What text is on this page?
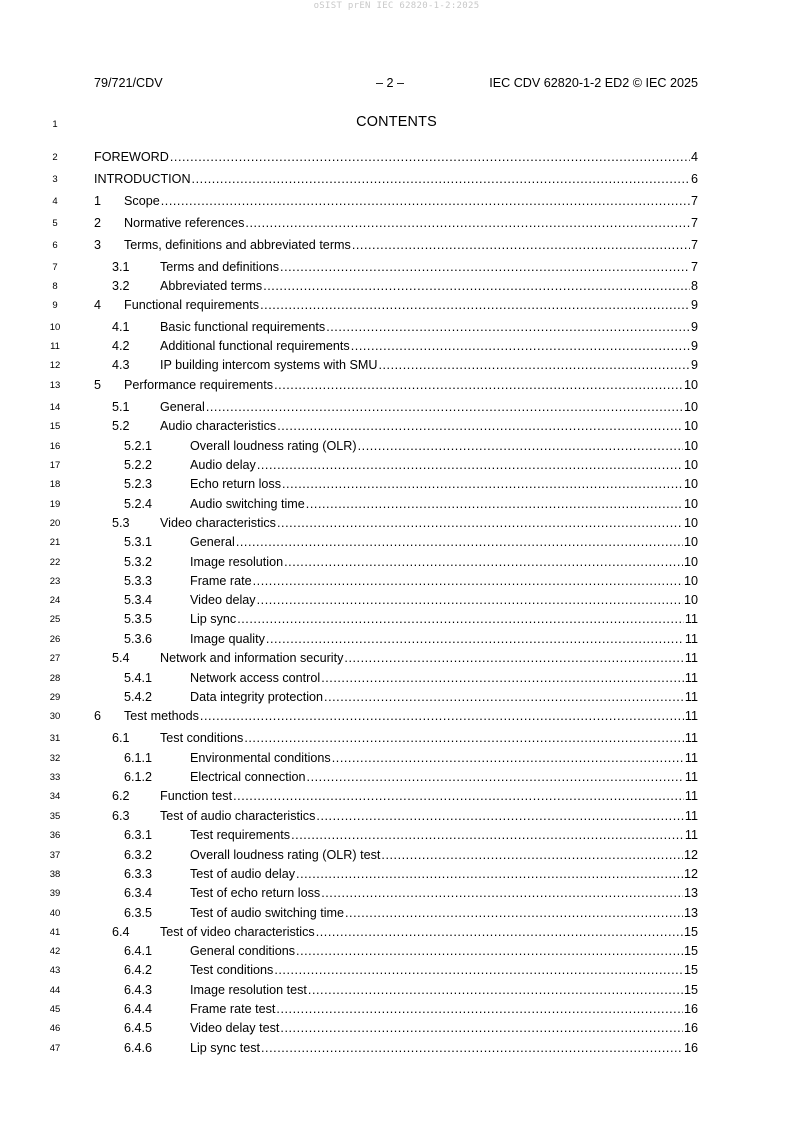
oSIST prEN IEC 62820-1-2:2025
79/721/CDV	– 2 –	IEC CDV 62820-1-2 ED2 © IEC 2025
1	CONTENTS
2	FOREWORD .....	4
3	INTRODUCTION .....	6
4	1	Scope .....	7
5	2	Normative references .....	7
6	3	Terms, definitions and abbreviated terms .....	7
7	3.1	Terms and definitions .....	7
8	3.2	Abbreviated terms .....	8
9	4	Functional requirements .....	9
10	4.1	Basic functional requirements .....	9
11	4.2	Additional functional requirements .....	9
12	4.3	IP building intercom systems with SMU .....	9
13	5	Performance requirements .....	10
14	5.1	General .....	10
15	5.2	Audio characteristics .....	10
16	5.2.1	Overall loudness rating (OLR) .....	10
17	5.2.2	Audio delay .....	10
18	5.2.3	Echo return loss .....	10
19	5.2.4	Audio switching time .....	10
20	5.3	Video characteristics .....	10
21	5.3.1	General .....	10
22	5.3.2	Image resolution .....	10
23	5.3.3	Frame rate .....	10
24	5.3.4	Video delay .....	10
25	5.3.5	Lip sync .....	11
26	5.3.6	Image quality .....	11
27	5.4	Network and information security .....	11
28	5.4.1	Network access control .....	11
29	5.4.2	Data integrity protection .....	11
30	6	Test methods .....	11
31	6.1	Test conditions .....	11
32	6.1.1	Environmental conditions .....	11
33	6.1.2	Electrical connection .....	11
34	6.2	Function test .....	11
35	6.3	Test of audio characteristics .....	11
36	6.3.1	Test requirements .....	11
37	6.3.2	Overall loudness rating (OLR) test .....	12
38	6.3.3	Test of audio delay .....	12
39	6.3.4	Test of echo return loss .....	13
40	6.3.5	Test of audio switching time .....	13
41	6.4	Test of video characteristics .....	15
42	6.4.1	General conditions .....	15
43	6.4.2	Test conditions .....	15
44	6.4.3	Image resolution test .....	15
45	6.4.4	Frame rate test .....	16
46	6.4.5	Video delay test .....	16
47	6.4.6	Lip sync test .....	16
